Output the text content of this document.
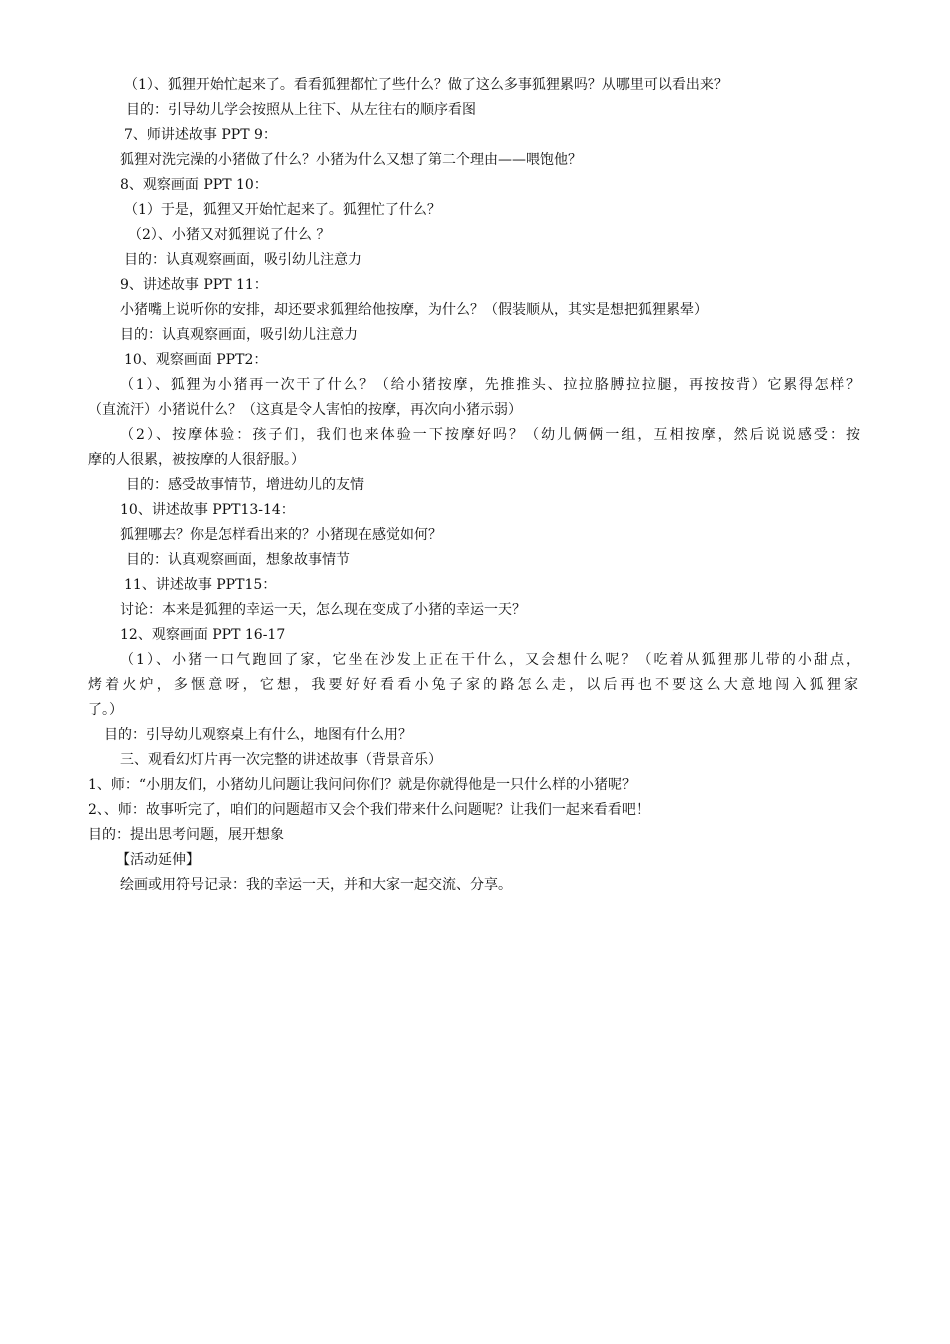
（1）、狐狸开始忙起来了。看看狐狸都忙了些什么？做了这么多事狐狸累吗？从哪里可以看出来？
目的：引导幼儿学会按照从上往下、从左往右的顺序看图
7、师讲述故事 PPT 9：
狐狸对洗完澡的小猪做了什么？小猪为什么又想了第二个理由——喂饱他？
8、观察画面 PPT 10：
（1）于是，狐狸又开始忙起来了。狐狸忙了什么？
（2）、小猪又对狐狸说了什么 ？
目的：认真观察画面，吸引幼儿注意力
9、讲述故事 PPT 11：
小猪嘴上说听你的安排，却还要求狐狸给他按摩，为什么？（假装顺从，其实是想把狐狸累晕）
目的：认真观察画面，吸引幼儿注意力
10、观察画面 PPT2：
（1）、狐狸为小猪再一次干了什么？（给小猪按摩，先推推头、拉拉胳膊拉拉腿，再按按背）它累得怎样？
（直流汗）小猪说什么？（这真是令人害怕的按摩，再次向小猪示弱）
（2）、按摩体验：孩子们，我们也来体验一下按摩好吗？（幼儿俩俩一组，互相按摩，然后说说感受：按
摩的人很累，被按摩的人很舒服。）
目的：感受故事情节，增进幼儿的友情
10、讲述故事 PPT13-14：
狐狸哪去？你是怎样看出来的？小猪现在感觉如何？
目的：认真观察画面，想象故事情节
11、讲述故事 PPT15：
讨论：本来是狐狸的幸运一天，怎么现在变成了小猪的幸运一天？
12、观察画面 PPT 16-17
（1）、小猪一口气跑回了家，它坐在沙发上正在干什么，又会想什么呢？（吃着从狐狸那儿带的小甜点，
烤着火炉，多惬意呀，它想，我要好好看看小兔子家的路怎么走，以后再也不要这么大意地闯入狐狸家
了。）
目的：引导幼儿观察桌上有什么，地图有什么用？
三、观看幻灯片再一次完整的讲述故事（背景音乐）
1、师：“小朋友们，小猪幼儿问题让我问问你们？就是你就得他是一只什么样的小猪呢？
2、、师：故事听完了，咱们的问题超市又会个我们带来什么问题呢？让我们一起来看看吧！
目的：提出思考问题，展开想象
【活动延伸】
绘画或用符号记录：我的幸运一天，并和大家一起交流、分享。
